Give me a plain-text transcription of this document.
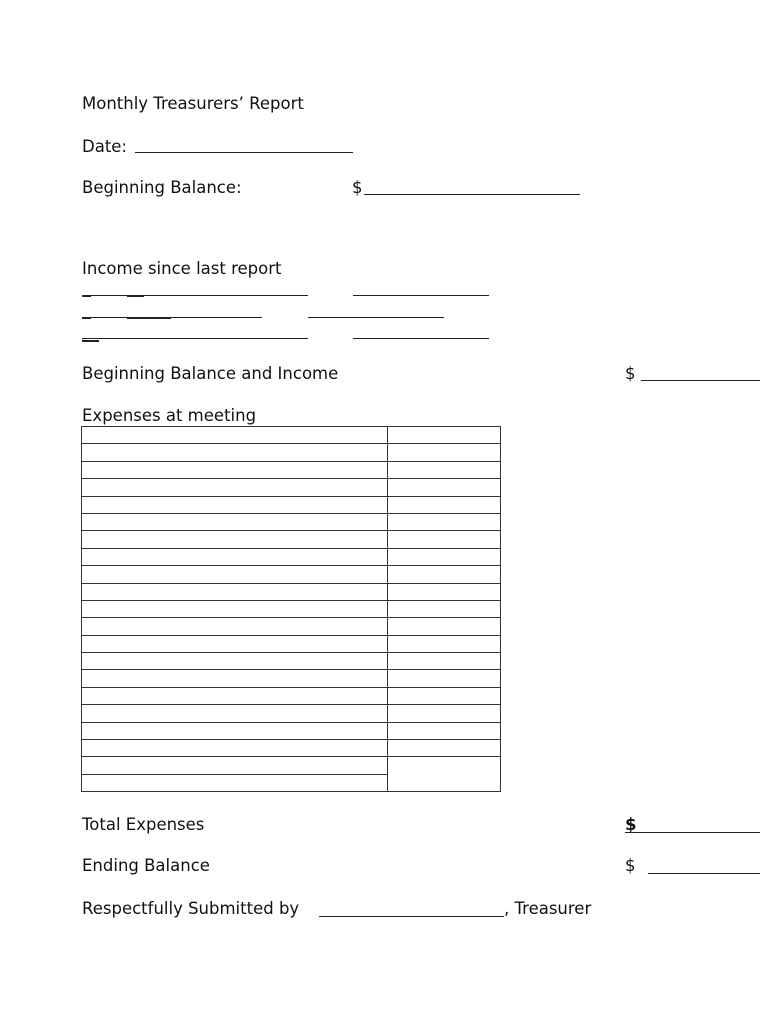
Monthly Treasurers’ Report
Date:
Beginning Balance:	$
Income since last report
Beginning Balance and Income	$
Expenses at meeting

Total Expenses	$
Ending Balance	$
Respectfully Submitted by	, Treasurer
